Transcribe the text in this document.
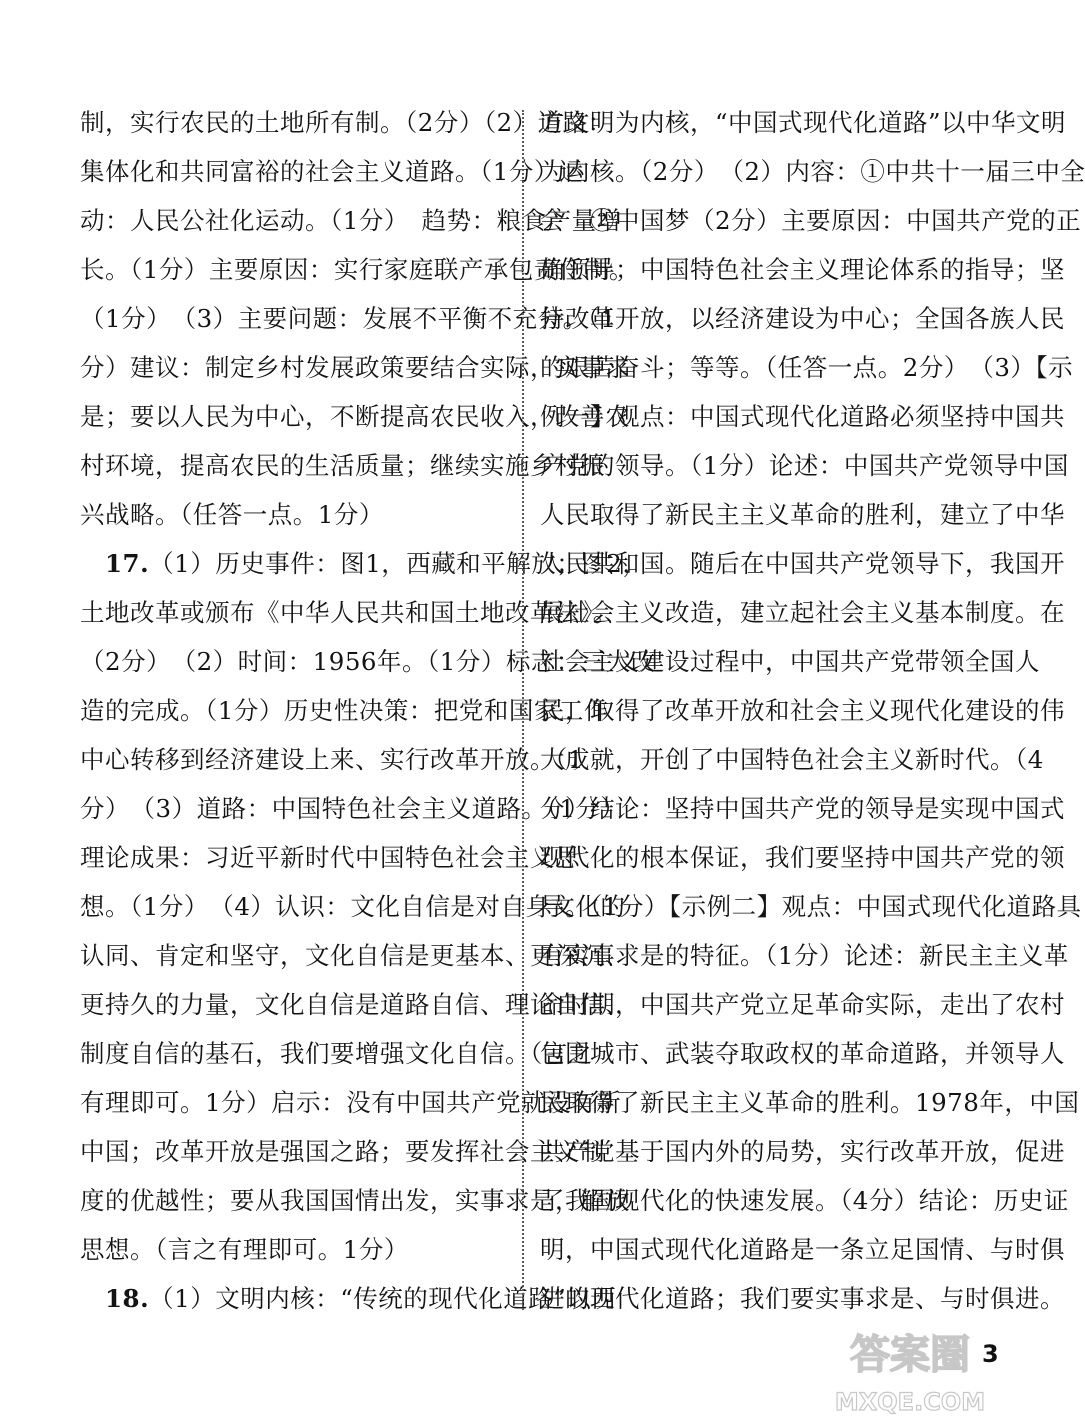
制，实行农民的土地所有制。（2分）（2）道路：
集体化和共同富裕的社会主义道路。（1分）运
动：人民公社化运动。（1分）　趋势：粮食产量增
长。（1分）主要原因：实行家庭联产承包责任制。
（1分）　（3）主要问题：发展不平衡不充分。（1
分）建议：制定乡村发展政策要结合实际，实事求
是；要以人民为中心，不断提高农民收入，改善农
村环境，提高农民的生活质量；继续实施乡村振
兴战略。（任答一点。1分）
　17.（1）历史事件：图1，西藏和平解放；图2，
土地改革或颁布《中华人民共和国土地改革法》。
（2分）　（2）时间：1956年。（1分）标志：三大改
造的完成。（1分）历史性决策：把党和国家工作
中心转移到经济建设上来、实行改革开放。（1
分）　（3）道路：中国特色社会主义道路。（1分）
理论成果：习近平新时代中国特色社会主义思
想。（1分）　（4）认识：文化自信是对自身文化的
认同、肯定和坚守，文化自信是更基本、更深沉、
更持久的力量，文化自信是道路自信、理论自信、
制度自信的基石，我们要增强文化自信。（言之
有理即可。1分）启示：没有中国共产党就没有新
中国；改革开放是强国之路；要发挥社会主义制
度的优越性；要从我国国情出发，实事求是，解放
思想。（言之有理即可。1分）
　18.（1）文明内核：“传统的现代化道路”以西
方文明为内核，“中国式现代化道路”以中华文明
为内核。（2分）　（2）内容：①中共十一届三中全
会　②中国梦（2分）主要原因：中国共产党的正
确领导；中国特色社会主义理论体系的指导；坚
持改革开放，以经济建设为中心；全国各族人民
的艰苦奋斗；等等。（任答一点。2分）　（3）【示
例一】观点：中国式现代化道路必须坚持中国共
产党的领导。（1分）论述：中国共产党领导中国
人民取得了新民主主义革命的胜利，建立了中华
人民共和国。随后在中国共产党领导下，我国开
展社会主义改造，建立起社会主义基本制度。在
社会主义建设过程中，中国共产党带领全国人
民，取得了改革开放和社会主义现代化建设的伟
大成就，开创了中国特色社会主义新时代。（4
分）结论：坚持中国共产党的领导是实现中国式
现代化的根本保证，我们要坚持中国共产党的领
导。（1分）【示例二】观点：中国式现代化道路具
有实事求是的特征。（1分）论述：新民主主义革
命时期，中国共产党立足革命实际，走出了农村
包围城市、武装夺取政权的革命道路，并领导人
民取得了新民主主义革命的胜利。1978年，中国
共产党基于国内外的局势，实行改革开放，促进
了我国现代化的快速发展。（4分）结论：历史证
明，中国式现代化道路是一条立足国情、与时俱
进的现代化道路；我们要实事求是、与时俱进。
3
答案圈
MXQE.COM
